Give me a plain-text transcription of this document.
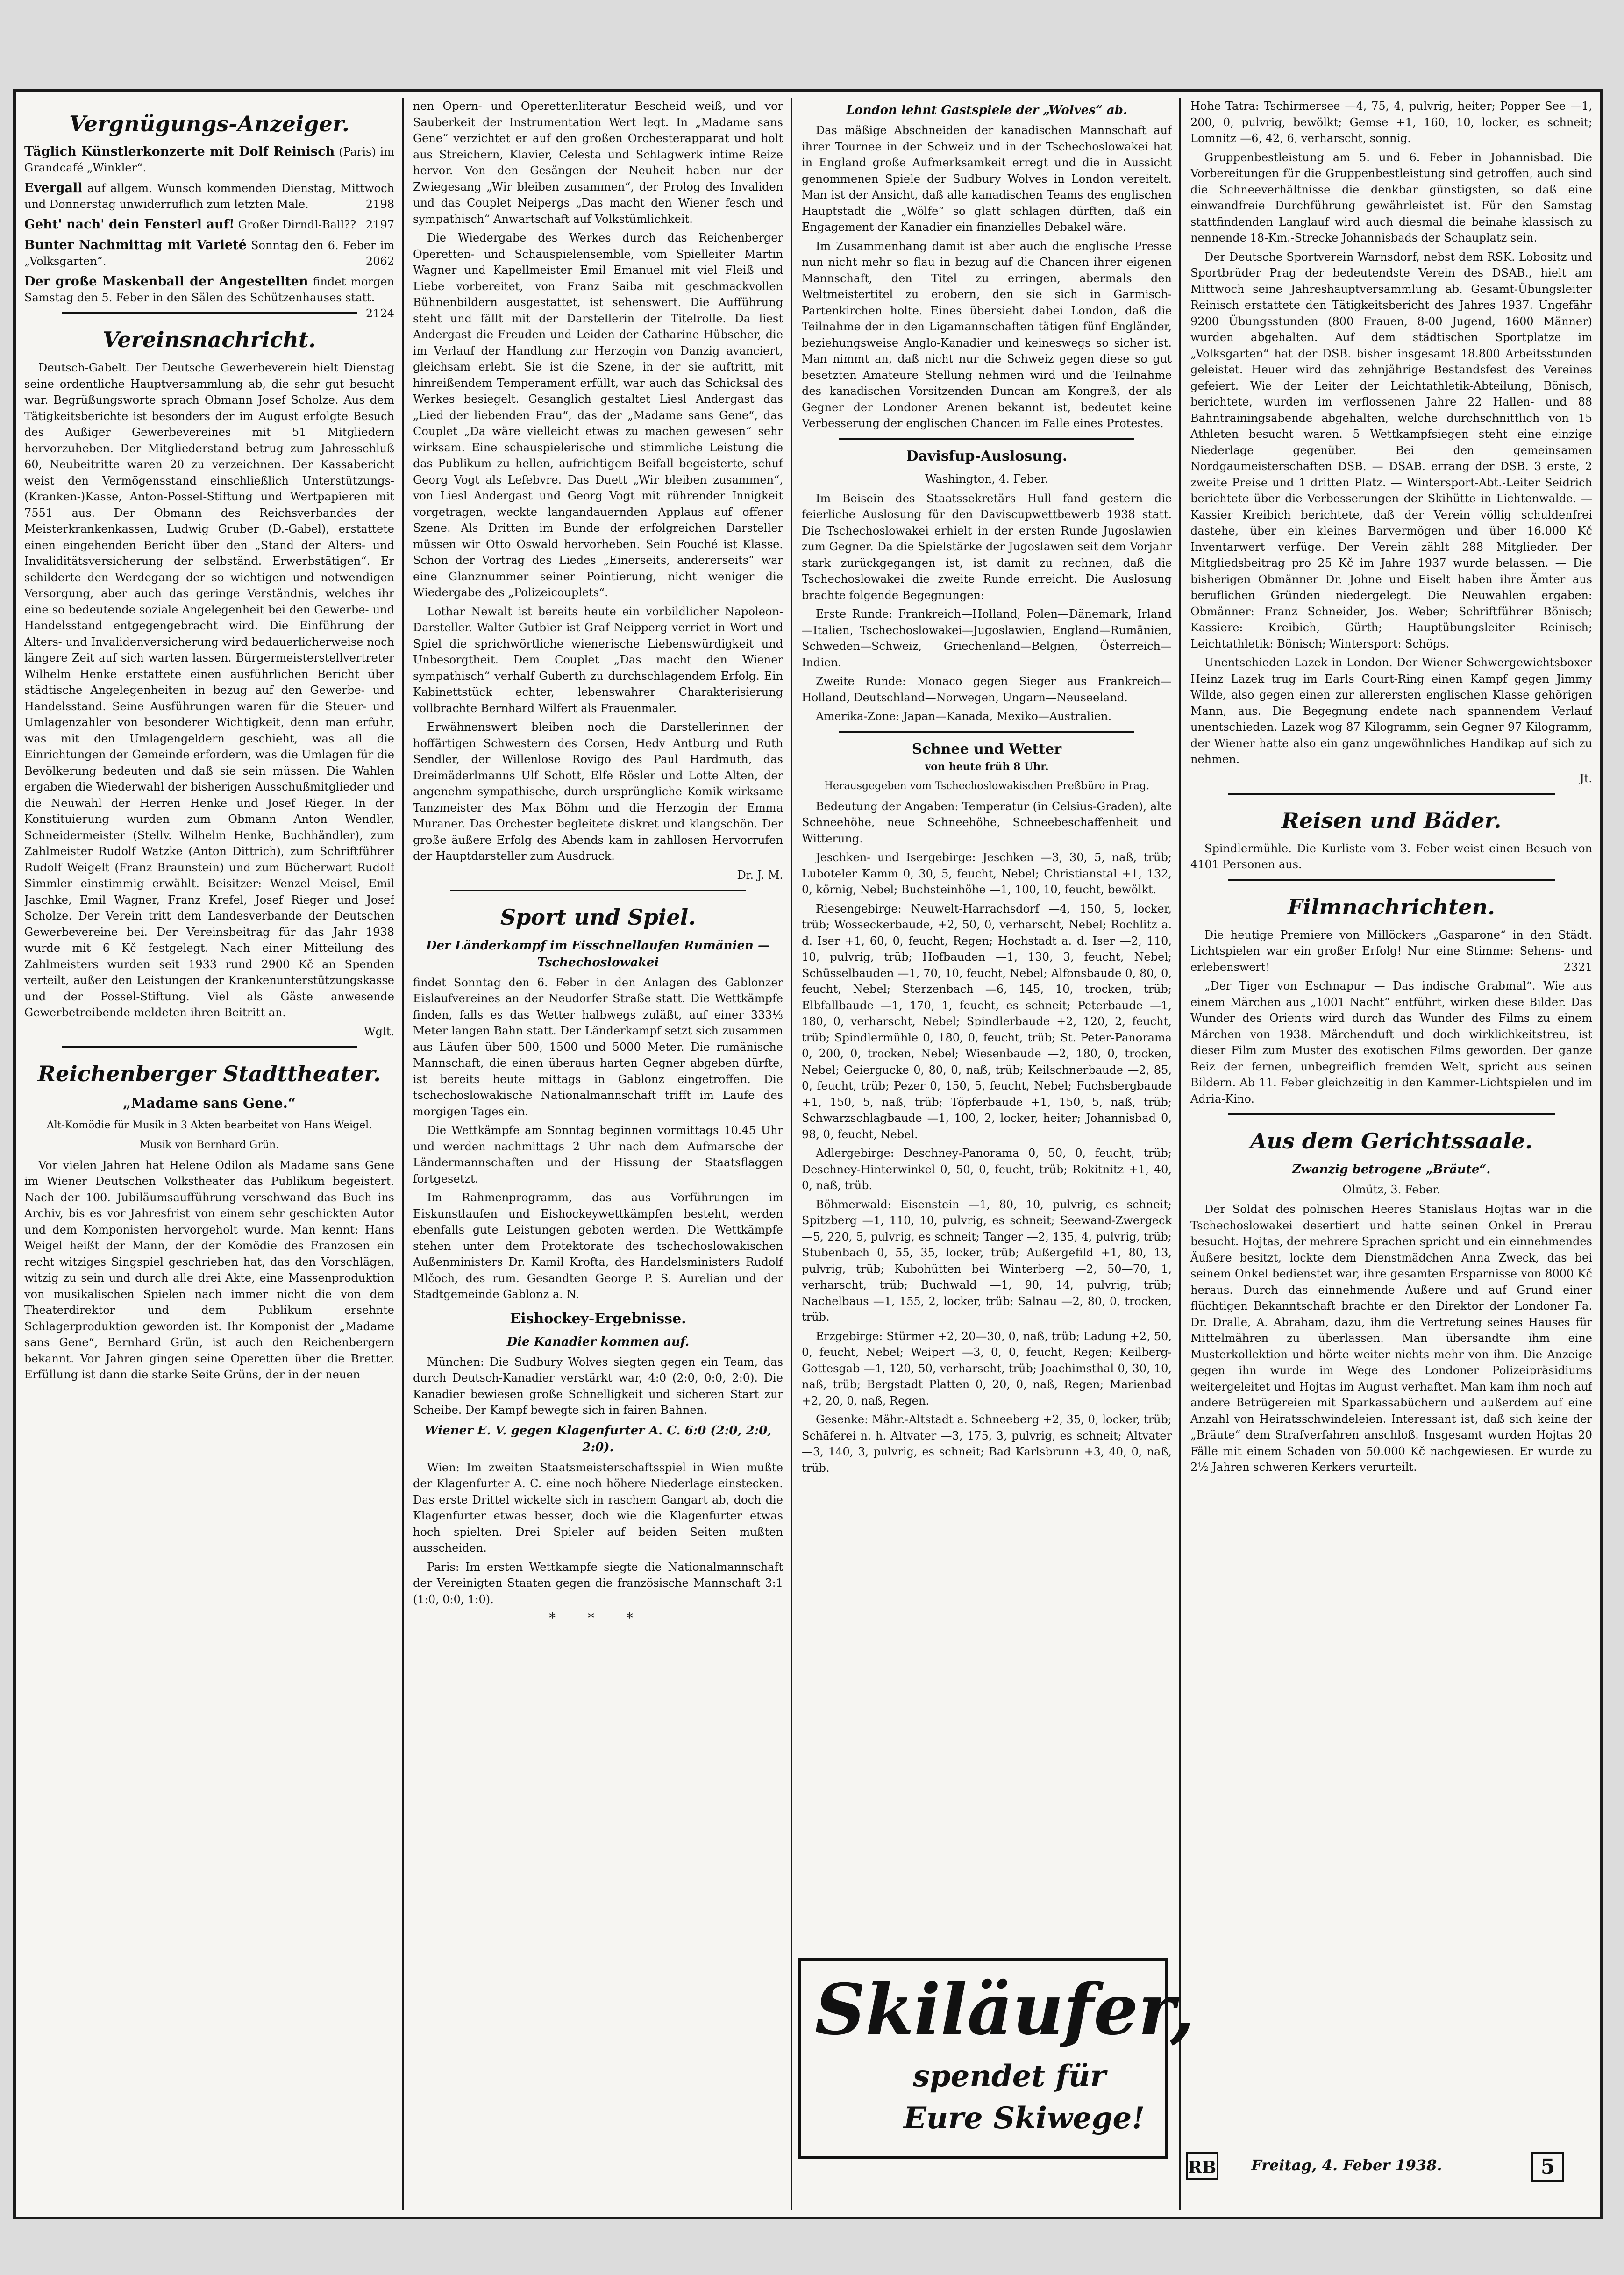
Vergnügungs-Anzeiger.
Täglich Künstlerkonzerte mit Dolf Reinisch (Paris) im Grandcafé „Winkler“.
Evergall auf allgem. Wunsch kommenden Dienstag, Mittwoch und Donnerstag unwiderruflich zum letzten Male.	2198
Geht' nach' dein Fensterl auf! Großer Dirndl-Ball?? 2197
Bunter Nachmittag mit Varieté Sonntag den 6. Feber im „Volksgarten“.	2062
Der große Maskenball der Angestellten findet morgen Samstag den 5. Feber in den Sälen des Schützenhauses statt.
2124
Vereinsnachricht.

Deutsch-Gabelt. Der Deutsche Gewerbeverein hielt Dienstag seine ordentliche Hauptversammlung ab, die sehr gut besucht war. Begrüßungsworte sprach Obmann Josef Scholze. Aus dem Tätigkeitsberichte ist besonders der im August erfolgte Besuch des Außiger Gewerbevereines mit 51 Mitgliedern hervorzuheben. Der Mitgliederstand betrug zum Jahresschluß 60, Neubeitritte waren 20 zu verzeichnen. Der Kassabericht weist den Vermögensstand einschließlich Unterstützungs-(Kranken-)Kasse, Anton-Possel-Stiftung und Wertpapieren mit 7551 aus. Der Obmann des Reichsverbandes der Meisterkrankenkassen, Ludwig Gruber (D.-Gabel), erstattete einen eingehenden Bericht über den „Stand der Alters- und Invaliditätsversicherung der selbständ. Erwerbstätigen“. Er schilderte den Werdegang der so wichtigen und notwendigen Versorgung, aber auch das geringe Verständnis, welches ihr eine so bedeutende soziale Angelegenheit bei den Gewerbe- und Handelsstand entgegengebracht wird. Die Einführung der Alters- und Invalidenversicherung wird bedauerlicherweise noch längere Zeit auf sich warten lassen. Bürgermeisterstellvertreter Wilhelm Henke erstattete einen ausführlichen Bericht über städtische Angelegenheiten in bezug auf den Gewerbe- und Handelsstand. Seine Ausführungen waren für die Steuer- und Umlagenzahler von besonderer Wichtigkeit, denn man erfuhr, was mit den Umlagengeldern geschieht, was all die Einrichtungen der Gemeinde erfordern, was die Umlagen für die Bevölkerung bedeuten und daß sie sein müssen. Die Wahlen ergaben die Wiederwahl der bisherigen Ausschußmitglieder und die Neuwahl der Herren Henke und Josef Rieger. In der Konstituierung wurden zum Obmann Anton Wendler, Schneidermeister (Stellv. Wilhelm Henke, Buchhändler), zum Zahlmeister Rudolf Watzke (Anton Dittrich), zum Schriftführer Rudolf Weigelt (Franz Braunstein) und zum Bücherwart Rudolf Simmler einstimmig erwählt. Beisitzer: Wenzel Meisel, Emil Jaschke, Emil Wagner, Franz Krefel, Josef Rieger und Josef Scholze. Der Verein tritt dem Landesverbande der Deutschen Gewerbevereine bei. Der Vereinsbeitrag für das Jahr 1938 wurde mit 6 Kč festgelegt. Nach einer Mitteilung des Zahlmeisters wurden seit 1933 rund 2900 Kč an Spenden verteilt, außer den Leistungen der Krankenunterstützungskasse und der Possel-Stiftung. Viel als Gäste anwesende Gewerbetreibende meldeten ihren Beitritt an.

Wglt.
Reichenberger Stadttheater.
„Madame sans Gene.“
Alt-Komödie für Musik in 3 Akten bearbeitet von Hans Weigel.
Musik von Bernhard Grün.

Vor vielen Jahren hat Helene Odilon als Madame sans Gene im Wiener Deutschen Volkstheater das Publikum begeistert. Nach der 100. Jubiläumsaufführung verschwand das Buch ins Archiv, bis es vor Jahresfrist von einem sehr geschickten Autor und dem Komponisten hervorgeholt wurde. Man kennt: Hans Weigel heißt der Mann, der der Komödie des Franzosen ein recht witziges Singspiel geschrieben hat, das den Vorschlägen, witzig zu sein und durch alle drei Akte, eine Massenproduktion von musikalischen Spielen nach immer nicht die von dem Theaterdirektor und dem Publikum ersehnte Schlagerproduktion geworden ist. Ihr Komponist der „Madame sans Gene“, Bernhard Grün, ist auch den Reichenbergern bekannt. Vor Jahren gingen seine Operetten über die Bretter. Erfüllung ist dann die starke Seite Grüns, der in der neuen

nen Opern- und Operettenliteratur Bescheid weiß, und vor Sauberkeit der Instrumentation Wert legt. In „Madame sans Gene“ verzichtet er auf den großen Orchesterapparat und holt aus Streichern, Klavier, Celesta und Schlagwerk intime Reize hervor. Von den Gesängen der Neuheit haben nur der Zwiegesang „Wir bleiben zusammen“, der Prolog des Invaliden und das Couplet Neipergs „Das macht den Wiener fesch und sympathisch“ Anwartschaft auf Volkstümlichkeit.

Die Wiedergabe des Werkes durch das Reichenberger Operetten- und Schauspielensemble, vom Spielleiter Martin Wagner und Kapellmeister Emil Emanuel mit viel Fleiß und Liebe vorbereitet, von Franz Saiba mit geschmackvollen Bühnenbildern ausgestattet, ist sehenswert. Die Aufführung steht und fällt mit der Darstellerin der Titelrolle. Da liest Andergast die Freuden und Leiden der Catharine Hübscher, die im Verlauf der Handlung zur Herzogin von Danzig avanciert, gleichsam erlebt. Sie ist die Szene, in der sie auftritt, mit hinreißendem Temperament erfüllt, war auch das Schicksal des Werkes besiegelt. Gesanglich gestaltet Liesl Andergast das „Lied der liebenden Frau“, das der „Madame sans Gene“, das Couplet „Da wäre vielleicht etwas zu machen gewesen“ sehr wirksam. Eine schauspielerische und stimmliche Leistung die das Publikum zu hellen, aufrichtigem Beifall begeisterte, schuf Georg Vogt als Lefebvre. Das Duett „Wir bleiben zusammen“, von Liesl Andergast und Georg Vogt mit rührender Innigkeit vorgetragen, weckte langandauernden Applaus auf offener Szene. Als Dritten im Bunde der erfolgreichen Darsteller müssen wir Otto Oswald hervorheben. Sein Fouché ist Klasse. Schon der Vortrag des Liedes „Einerseits, andererseits“ war eine Glanznummer seiner Pointierung, nicht weniger die Wiedergabe des „Polizeicouplets“.

Lothar Newalt ist bereits heute ein vorbildlicher Napoleon-Darsteller. Walter Gutbier ist Graf Neipperg verriet in Wort und Spiel die sprichwörtliche wienerische Liebenswürdigkeit und Unbesorgtheit. Dem Couplet „Das macht den Wiener sympathisch“ verhalf Guberth zu durchschlagendem Erfolg. Ein Kabinettstück echter, lebenswahrer Charakterisierung vollbrachte Bernhard Wilfert als Frauenmaler.

Erwähnenswert bleiben noch die Darstellerinnen der hoffärtigen Schwestern des Corsen, Hedy Antburg und Ruth Sendler, der Willenlose Rovigo des Paul Hardmuth, das Dreimäderlmanns Ulf Schott, Elfe Rösler und Lotte Alten, der angenehm sympathische, durch ursprüngliche Komik wirksame Tanzmeister des Max Böhm und die Herzogin der Emma Muraner. Das Orchester begleitete diskret und klangschön. Der große äußere Erfolg des Abends kam in zahllosen Hervorrufen der Hauptdarsteller zum Ausdruck.

Dr. J. M.
Sport und Spiel.
Der Länderkampf im Eisschnellaufen Rumänien — Tschechoslowakei

findet Sonntag den 6. Feber in den Anlagen des Gablonzer Eislaufvereines an der Neudorfer Straße statt. Die Wettkämpfe finden, falls es das Wetter halbwegs zuläßt, auf einer 333⅓ Meter langen Bahn statt. Der Länderkampf setzt sich zusammen aus Läufen über 500, 1500 und 5000 Meter. Die rumänische Mannschaft, die einen überaus harten Gegner abgeben dürfte, ist bereits heute mittags in Gablonz eingetroffen. Die tschechoslowakische Nationalmannschaft trifft im Laufe des morgigen Tages ein.

Die Wettkämpfe am Sonntag beginnen vormittags 10.45 Uhr und werden nachmittags 2 Uhr nach dem Aufmarsche der Ländermannschaften und der Hissung der Staatsflaggen fortgesetzt.

Im Rahmenprogramm, das aus Vorführungen im Eiskunstlaufen und Eishockeywettkämpfen besteht, werden ebenfalls gute Leistungen geboten werden. Die Wettkämpfe stehen unter dem Protektorate des tschechoslowakischen Außenministers Dr. Kamil Krofta, des Handelsministers Rudolf Mlčoch, des rum. Gesandten George P. S. Aurelian und der Stadtgemeinde Gablonz a. N.

Eishockey-Ergebnisse.
Die Kanadier kommen auf.

München: Die Sudbury Wolves siegten gegen ein Team, das durch Deutsch-Kanadier verstärkt war, 4:0 (2:0, 0:0, 2:0). Die Kanadier bewiesen große Schnelligkeit und sicheren Start zur Scheibe. Der Kampf bewegte sich in fairen Bahnen.

Wiener E. V. gegen Klagenfurter A. C. 6:0 (2:0, 2:0, 2:0).

Wien: Im zweiten Staatsmeisterschaftsspiel in Wien mußte der Klagenfurter A. C. eine noch höhere Niederlage einstecken. Das erste Drittel wickelte sich in raschem Gangart ab, doch die Klagenfurter etwas besser, doch wie die Klagenfurter etwas hoch spielten. Drei Spieler auf beiden Seiten mußten ausscheiden.

Paris: Im ersten Wettkampfe siegte die Nationalmannschaft der Vereinigten Staaten gegen die französische Mannschaft 3:1 (1:0, 0:0, 1:0).

* * *
London lehnt Gastspiele der „Wolves“ ab.

Das mäßige Abschneiden der kanadischen Mannschaft auf ihrer Tournee in der Schweiz und in der Tschechoslowakei hat in England große Aufmerksamkeit erregt und die in Aussicht genommenen Spiele der Sudbury Wolves in London vereitelt. Man ist der Ansicht, daß alle kanadischen Teams des englischen Hauptstadt die „Wölfe“ so glatt schlagen dürften, daß ein Engagement der Kanadier ein finanzielles Debakel wäre.

Im Zusammenhang damit ist aber auch die englische Presse nun nicht mehr so flau in bezug auf die Chancen ihrer eigenen Mannschaft, den Titel zu erringen, abermals den Weltmeistertitel zu erobern, den sie sich in Garmisch-Partenkirchen holte. Eines übersieht dabei London, daß die Teilnahme der in den Ligamannschaften tätigen fünf Engländer, beziehungsweise Anglo-Kanadier und keineswegs so sicher ist. Man nimmt an, daß nicht nur die Schweiz gegen diese so gut besetzten Amateure Stellung nehmen wird und die Teilnahme des kanadischen Vorsitzenden Duncan am Kongreß, der als Gegner der Londoner Arenen bekannt ist, bedeutet keine Verbesserung der englischen Chancen im Falle eines Protestes.

Davisfup-Auslosung.
Washington, 4. Feber.

Im Beisein des Staatssekretärs Hull fand gestern die feierliche Auslosung für den Daviscupwettbewerb 1938 statt. Die Tschechoslowakei erhielt in der ersten Runde Jugoslawien zum Gegner. Da die Spielstärke der Jugoslawen seit dem Vorjahr stark zurückgegangen ist, ist damit zu rechnen, daß die Tschechoslowakei die zweite Runde erreicht. Die Auslosung brachte folgende Begegnungen:

Erste Runde: Frankreich—Holland, Polen—Dänemark, Irland—Italien, Tschechoslowakei—Jugoslawien, England—Rumänien, Schweden—Schweiz, Griechenland—Belgien, Österreich—Indien.

Zweite Runde: Monaco gegen Sieger aus Frankreich—Holland, Deutschland—Norwegen, Ungarn—Neuseeland.

Amerika-Zone: Japan—Kanada, Mexiko—Australien.

Schnee und Wetter
von heute früh 8 Uhr.
Herausgegeben vom Tschechoslowakischen Preßbüro in Prag.

Bedeutung der Angaben: Temperatur (in Celsius-Graden), alte Schneehöhe, neue Schneehöhe, Schneebeschaffenheit und Witterung.

Jeschken- und Isergebirge: Jeschken —3, 30, 5, naß, trüb; Luboteler Kamm 0, 30, 5, feucht, Nebel; Christianstal +1, 132, 0, körnig, Nebel; Buchsteinhöhe —1, 100, 10, feucht, bewölkt.

Riesengebirge: Neuwelt-Harrachsdorf —4, 150, 5, locker, trüb; Wosseckerbaude, +2, 50, 0, verharscht, Nebel; Rochlitz a. d. Iser +1, 60, 0, feucht, Regen; Hochstadt a. d. Iser —2, 110, 10, pulvrig, trüb; Hofbauden —1, 130, 3, feucht, Nebel; Schüsselbauden —1, 70, 10, feucht, Nebel; Alfonsbaude 0, 80, 0, feucht, Nebel; Sterzenbach —6, 145, 10, trocken, trüb; Elbfallbaude —1, 170, 1, feucht, es schneit; Peterbaude —1, 180, 0, verharscht, Nebel; Spindlerbaude +2, 120, 2, feucht, trüb; Spindlermühle 0, 180, 0, feucht, trüb; St. Peter-Panorama 0, 200, 0, trocken, Nebel; Wiesenbaude —2, 180, 0, trocken, Nebel; Geiergucke 0, 80, 0, naß, trüb; Keilschnerbaude —2, 85, 0, feucht, trüb; Pezer 0, 150, 5, feucht, Nebel; Fuchsbergbaude +1, 150, 5, naß, trüb; Töpferbaude +1, 150, 5, naß, trüb; Schwarzschlagbaude —1, 100, 2, locker, heiter; Johannisbad 0, 98, 0, feucht, Nebel.

Adlergebirge: Deschney-Panorama 0, 50, 0, feucht, trüb; Deschney-Hinterwinkel 0, 50, 0, feucht, trüb; Rokitnitz +1, 40, 0, naß, trüb.

Böhmerwald: Eisenstein —1, 80, 10, pulvrig, es schneit; Spitzberg —1, 110, 10, pulvrig, es schneit; Seewand-Zwergeck —5, 220, 5, pulvrig, es schneit; Tanger —2, 135, 4, pulvrig, trüb; Stubenbach 0, 55, 35, locker, trüb; Außergefild +1, 80, 13, pulvrig, trüb; Kubohütten bei Winterberg —2, 50—70, 1, verharscht, trüb; Buchwald —1, 90, 14, pulvrig, trüb; Nachelbaus —1, 155, 2, locker, trüb; Salnau —2, 80, 0, trocken, trüb.

Erzgebirge: Stürmer +2, 20—30, 0, naß, trüb; Ladung +2, 50, 0, feucht, Nebel; Weipert —3, 0, 0, feucht, Regen; Keilberg-Gottesgab —1, 120, 50, verharscht, trüb; Joachimsthal 0, 30, 10, naß, trüb; Bergstadt Platten 0, 20, 0, naß, Regen; Marienbad +2, 20, 0, naß, Regen.

Gesenke: Mähr.-Altstadt a. Schneeberg +2, 35, 0, locker, trüb; Schäferei n. h. Altvater —3, 175, 3, pulvrig, es schneit; Altvater —3, 140, 3, pulvrig, es schneit; Bad Karlsbrunn +3, 40, 0, naß, trüb.

Skiläufer,
spendet für
Eure Skiwege!

Hohe Tatra: Tschirmersee —4, 75, 4, pulvrig, heiter; Popper See —1, 200, 0, pulvrig, bewölkt; Gemse +1, 160, 10, locker, es schneit; Lomnitz —6, 42, 6, verharscht, sonnig.

Gruppenbestleistung am 5. und 6. Feber in Johannisbad. Die Vorbereitungen für die Gruppenbestleistung sind getroffen, auch sind die Schneeverhältnisse die denkbar günstigsten, so daß eine einwandfreie Durchführung gewährleistet ist. Für den Samstag stattfindenden Langlauf wird auch diesmal die beinahe klassisch zu nennende 18-Km.-Strecke Johannisbads der Schauplatz sein.

Der Deutsche Sportverein Warnsdorf, nebst dem RSK. Lobositz und Sportbrüder Prag der bedeutendste Verein des DSAB., hielt am Mittwoch seine Jahreshauptversammlung ab. Gesamt-Übungsleiter Reinisch erstattete den Tätigkeitsbericht des Jahres 1937. Ungefähr 9200 Übungsstunden (800 Frauen, 8-00 Jugend, 1600 Männer) wurden abgehalten. Auf dem städtischen Sportplatze im „Volksgarten“ hat der DSB. bisher insgesamt 18.800 Arbeitsstunden geleistet. Heuer wird das zehnjährige Bestandsfest des Vereines gefeiert. Wie der Leiter der Leichtathletik-Abteilung, Bönisch, berichtete, wurden im verflossenen Jahre 22 Hallen- und 88 Bahntrainingsabende abgehalten, welche durchschnittlich von 15 Athleten besucht waren. 5 Wettkampfsiegen steht eine einzige Niederlage gegenüber. Bei den gemeinsamen Nordgaumeisterschaften DSB. — DSAB. errang der DSB. 3 erste, 2 zweite Preise und 1 dritten Platz. — Wintersport-Abt.-Leiter Seidrich berichtete über die Verbesserungen der Skihütte in Lichtenwalde. — Kassier Kreibich berichtete, daß der Verein völlig schuldenfrei dastehe, über ein kleines Barvermögen und über 16.000 Kč Inventarwert verfüge. Der Verein zählt 288 Mitglieder. Der Mitgliedsbeitrag pro 25 Kč im Jahre 1937 wurde belassen. — Die bisherigen Obmänner Dr. Johne und Eiselt haben ihre Ämter aus beruflichen Gründen niedergelegt. Die Neuwahlen ergaben: Obmänner: Franz Schneider, Jos. Weber; Schriftführer Bönisch; Kassiere: Kreibich, Gürth; Hauptübungsleiter Reinisch; Leichtathletik: Bönisch; Wintersport: Schöps.

Unentschieden Lazek in London. Der Wiener Schwergewichtsboxer Heinz Lazek trug im Earls Court-Ring einen Kampf gegen Jimmy Wilde, also gegen einen zur allerersten englischen Klasse gehörigen Mann, aus. Die Begegnung endete nach spannendem Verlauf unentschieden. Lazek wog 87 Kilogramm, sein Gegner 97 Kilogramm, der Wiener hatte also ein ganz ungewöhnliches Handikap auf sich zu nehmen.

Jt.
Reisen und Bäder.

Spindlermühle. Die Kurliste vom 3. Feber weist einen Besuch von 4101 Personen aus.

Filmnachrichten.

Die heutige Premiere von Millöckers „Gasparone“ in den Städt. Lichtspielen war ein großer Erfolg! Nur eine Stimme: Sehens- und erlebenswert!	2321

„Der Tiger von Eschnapur — Das indische Grabmal“. Wie aus einem Märchen aus „1001 Nacht“ entführt, wirken diese Bilder. Das Wunder des Orients wird durch das Wunder des Films zu einem Märchen von 1938. Märchenduft und doch wirklichkeitstreu, ist dieser Film zum Muster des exotischen Films geworden. Der ganze Reiz der fernen, unbegreiflich fremden Welt, spricht aus seinen Bildern. Ab 11. Feber gleichzeitig in den Kammer-Lichtspielen und im Adria-Kino.

Aus dem Gerichtssaale.
Zwanzig betrogene „Bräute“.
Olmütz, 3. Feber.

Der Soldat des polnischen Heeres Stanislaus Hojtas war in die Tschechoslowakei desertiert und hatte seinen Onkel in Prerau besucht. Hojtas, der mehrere Sprachen spricht und ein einnehmendes Äußere besitzt, lockte dem Dienstmädchen Anna Zweck, das bei seinem Onkel bedienstet war, ihre gesamten Ersparnisse von 8000 Kč heraus. Durch das einnehmende Äußere und auf Grund einer flüchtigen Bekanntschaft brachte er den Direktor der Londoner Fa. Dr. Dralle, A. Abraham, dazu, ihm die Vertretung seines Hauses für Mittelmähren zu überlassen. Man übersandte ihm eine Musterkollektion und hörte weiter nichts mehr von ihm. Die Anzeige gegen ihn wurde im Wege des Londoner Polizeipräsidiums weitergeleitet und Hojtas im August verhaftet. Man kam ihm noch auf andere Betrügereien mit Sparkassabüchern und außerdem auf eine Anzahl von Heiratsschwindeleien. Interessant ist, daß sich keine der „Bräute“ dem Strafverfahren anschloß. Insgesamt wurden Hojtas 20 Fälle mit einem Schaden von 50.000 Kč nachgewiesen. Er wurde zu 2½ Jahren schweren Kerkers verurteilt.

RB Freitag, 4. Feber 1938.	5
